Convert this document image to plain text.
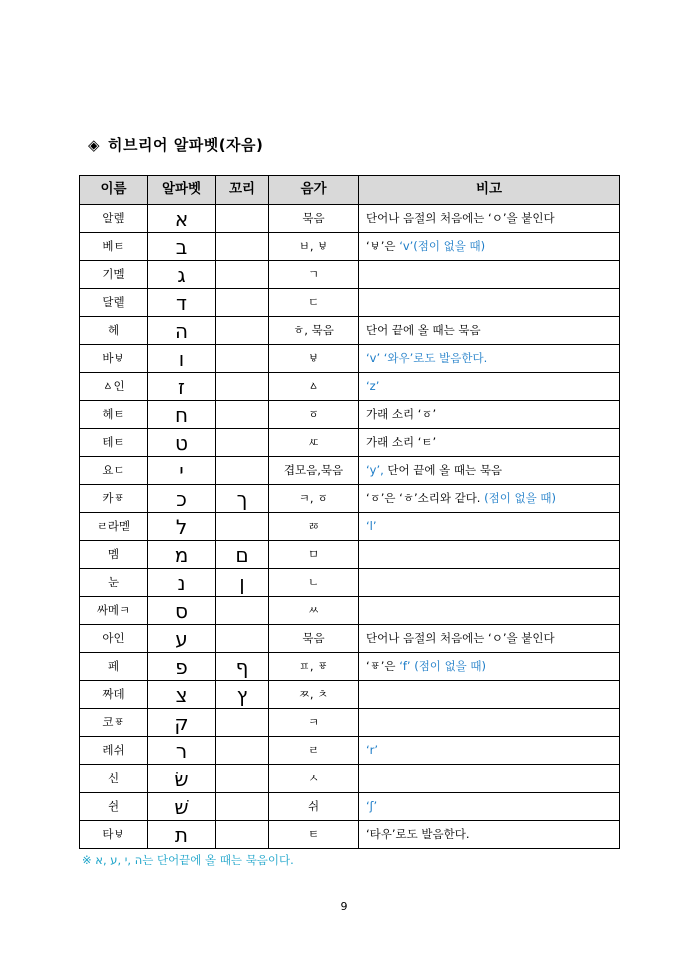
◈ 히브리어 알파벳(자음)
이름	알파벳	꼬리	음가	비고
알렢	א		묵음	단어나 음절의 처음에는 ‘ㅇ’을 붙인다
베ㅌ	ב		ㅂ, ㅸ	‘ㅸ’은 ‘v’(점이 없을 때)
기멜	ג		ㄱ	
달렡	ד		ㄷ	
헤	ה		ㅎ, 묵음	단어 끝에 올 때는 묵음
바ㅸ	ו		ㅸ	‘v’ ‘와우’로도 발음한다.
ㅿ인	ז		ㅿ	‘z’
헤ㅌ	ח		ㆆ	가래 소리 ‘ㆆ’
테ㅌ	ט		ㅼ	가래 소리 ‘ㅌ’
요ㄷ	י		겹모음,묵음	‘y’, 단어 끝에 올 때는 묵음
카ㆄ	כ	ך	ㅋ, ㆆ	‘ㆆ’은 ‘ㅎ’소리와 같다. (점이 없을 때)
ㄹ라멛	ל		ㅭ	‘l’
멤	מ	ם	ㅁ	
눈	נ	ן	ㄴ	
싸메ㅋ	ס		ㅆ	
아인	ע		묵음	단어나 음절의 처음에는 ‘ㅇ’을 붙인다
페	פ	ף	ㅍ, ㆄ	‘ㆄ’은 ‘f’ (점이 없을 때)
짜데	צ	ץ	ㅉ, ㅊ	
코ㆄ	ק		ㅋ	
레쉬	ר		ㄹ	‘r’
신	שׂ		ㅅ	
쉰	שׁ		쉬	‘ʃ’
타ㅸ	ת		ㅌ	‘타우’로도 발음한다.
※ ה ,י ,ע ,א는 단어끝에 올 때는 묵음이다.
9
